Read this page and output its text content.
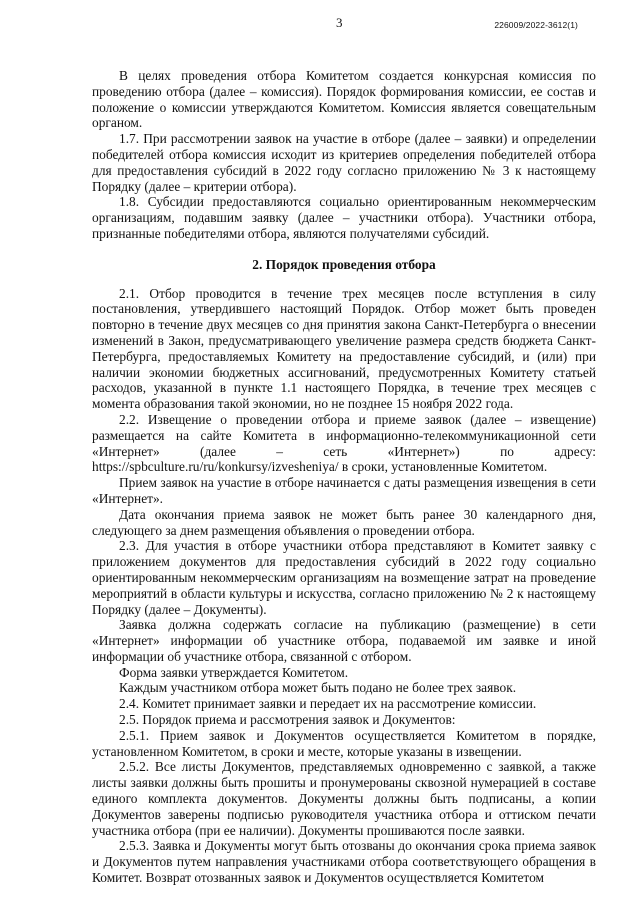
3	226009/2022-3612(1)

В целях проведения отбора Комитетом создается конкурсная комиссия по проведению отбора (далее – комиссия). Порядок формирования комиссии, ее состав и положение о комиссии утверждаются Комитетом. Комиссия является совещательным органом.

1.7. При рассмотрении заявок на участие в отборе (далее – заявки) и определении победителей отбора комиссия исходит из критериев определения победителей отбора для предоставления субсидий в 2022 году согласно приложению № 3 к настоящему Порядку (далее – критерии отбора).

1.8. Субсидии предоставляются социально ориентированным некоммерческим организациям, подавшим заявку (далее – участники отбора). Участники отбора, признанные победителями отбора, являются получателями субсидий.

2. Порядок проведения отбора

2.1. Отбор проводится в течение трех месяцев после вступления в силу постановления, утвердившего настоящий Порядок. Отбор может быть проведен повторно в течение двух месяцев со дня принятия закона Санкт-Петербурга о внесении изменений в Закон, предусматривающего увеличение размера средств бюджета Санкт-Петербурга, предоставляемых Комитету на предоставление субсидий, и (или) при наличии экономии бюджетных ассигнований, предусмотренных Комитету статьей расходов, указанной в пункте 1.1 настоящего Порядка, в течение трех месяцев с момента образования такой экономии, но не позднее 15 ноября 2022 года.

2.2. Извещение о проведении отбора и приеме заявок (далее – извещение) размещается на сайте Комитета в информационно-телекоммуникационной сети «Интернет» (далее – сеть «Интернет») по адресу: https://spbculture.ru/ru/konkursy/izvesheniya/ в сроки, установленные Комитетом.

Прием заявок на участие в отборе начинается с даты размещения извещения в сети «Интернет».

Дата окончания приема заявок не может быть ранее 30 календарного дня, следующего за днем размещения объявления о проведении отбора.

2.3. Для участия в отборе участники отбора представляют в Комитет заявку с приложением документов для предоставления субсидий в 2022 году социально ориентированным некоммерческим организациям на возмещение затрат на проведение мероприятий в области культуры и искусства, согласно приложению № 2 к настоящему Порядку (далее – Документы).

Заявка должна содержать согласие на публикацию (размещение) в сети «Интернет» информации об участнике отбора, подаваемой им заявке и иной информации об участнике отбора, связанной с отбором.

Форма заявки утверждается Комитетом.

Каждым участником отбора может быть подано не более трех заявок.

2.4. Комитет принимает заявки и передает их на рассмотрение комиссии.

2.5. Порядок приема и рассмотрения заявок и Документов:

2.5.1. Прием заявок и Документов осуществляется Комитетом в порядке, установленном Комитетом, в сроки и месте, которые указаны в извещении.

2.5.2. Все листы Документов, представляемых одновременно с заявкой, а также листы заявки должны быть прошиты и пронумерованы сквозной нумерацией в составе единого комплекта документов. Документы должны быть подписаны, а копии Документов заверены подписью руководителя участника отбора и оттиском печати участника отбора (при ее наличии). Документы прошиваются после заявки.

2.5.3. Заявка и Документы могут быть отозваны до окончания срока приема заявок и Документов путем направления участниками отбора соответствующего обращения в Комитет. Возврат отозванных заявок и Документов осуществляется Комитетом
